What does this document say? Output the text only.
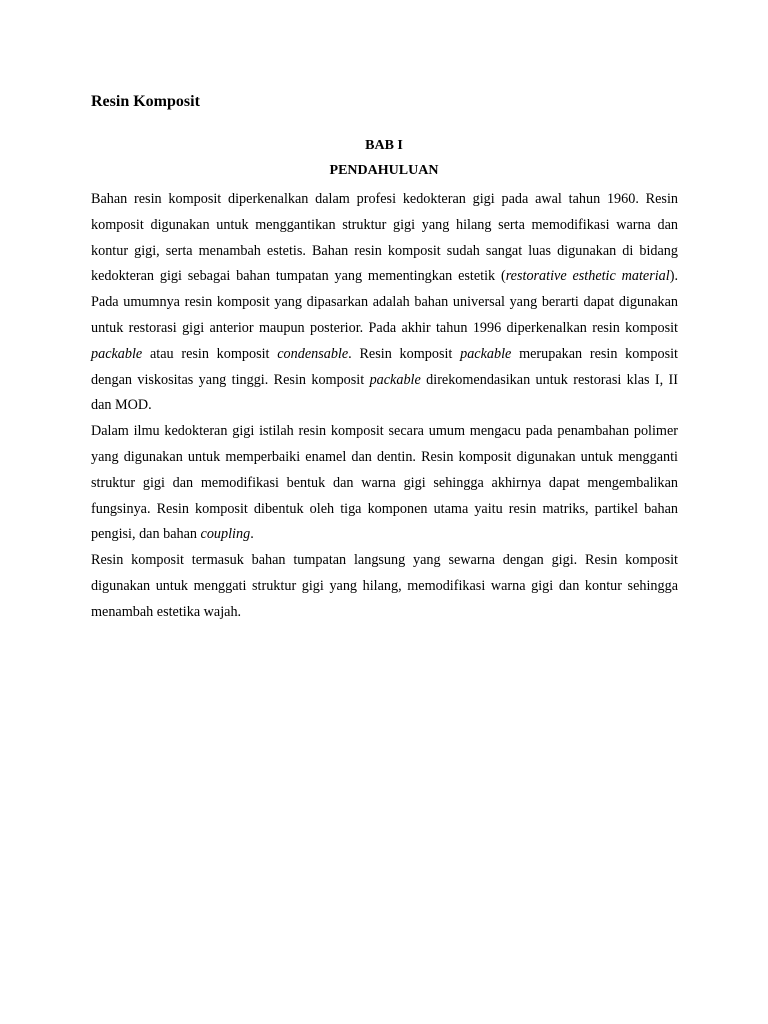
Resin Komposit
BAB I
PENDAHULUAN

Bahan resin komposit diperkenalkan dalam profesi kedokteran gigi pada awal tahun 1960. Resin komposit digunakan untuk menggantikan struktur gigi yang hilang serta memodifikasi warna dan kontur gigi, serta menambah estetis. Bahan resin komposit sudah sangat luas digunakan di bidang kedokteran gigi sebagai bahan tumpatan yang mementingkan estetik (restorative esthetic material). Pada umumnya resin komposit yang dipasarkan adalah bahan universal yang berarti dapat digunakan untuk restorasi gigi anterior maupun posterior. Pada akhir tahun 1996 diperkenalkan resin komposit packable atau resin komposit condensable. Resin komposit packable merupakan resin komposit dengan viskositas yang tinggi. Resin komposit packable direkomendasikan untuk restorasi klas I, II dan MOD.

Dalam ilmu kedokteran gigi istilah resin komposit secara umum mengacu pada penambahan polimer yang digunakan untuk memperbaiki enamel dan dentin. Resin komposit digunakan untuk mengganti struktur gigi dan memodifikasi bentuk dan warna gigi sehingga akhirnya dapat mengembalikan fungsinya. Resin komposit dibentuk oleh tiga komponen utama yaitu resin matriks, partikel bahan pengisi, dan bahan coupling.

Resin komposit termasuk bahan tumpatan langsung yang sewarna dengan gigi. Resin komposit digunakan untuk menggati struktur gigi yang hilang, memodifikasi warna gigi dan kontur sehingga menambah estetika wajah.
